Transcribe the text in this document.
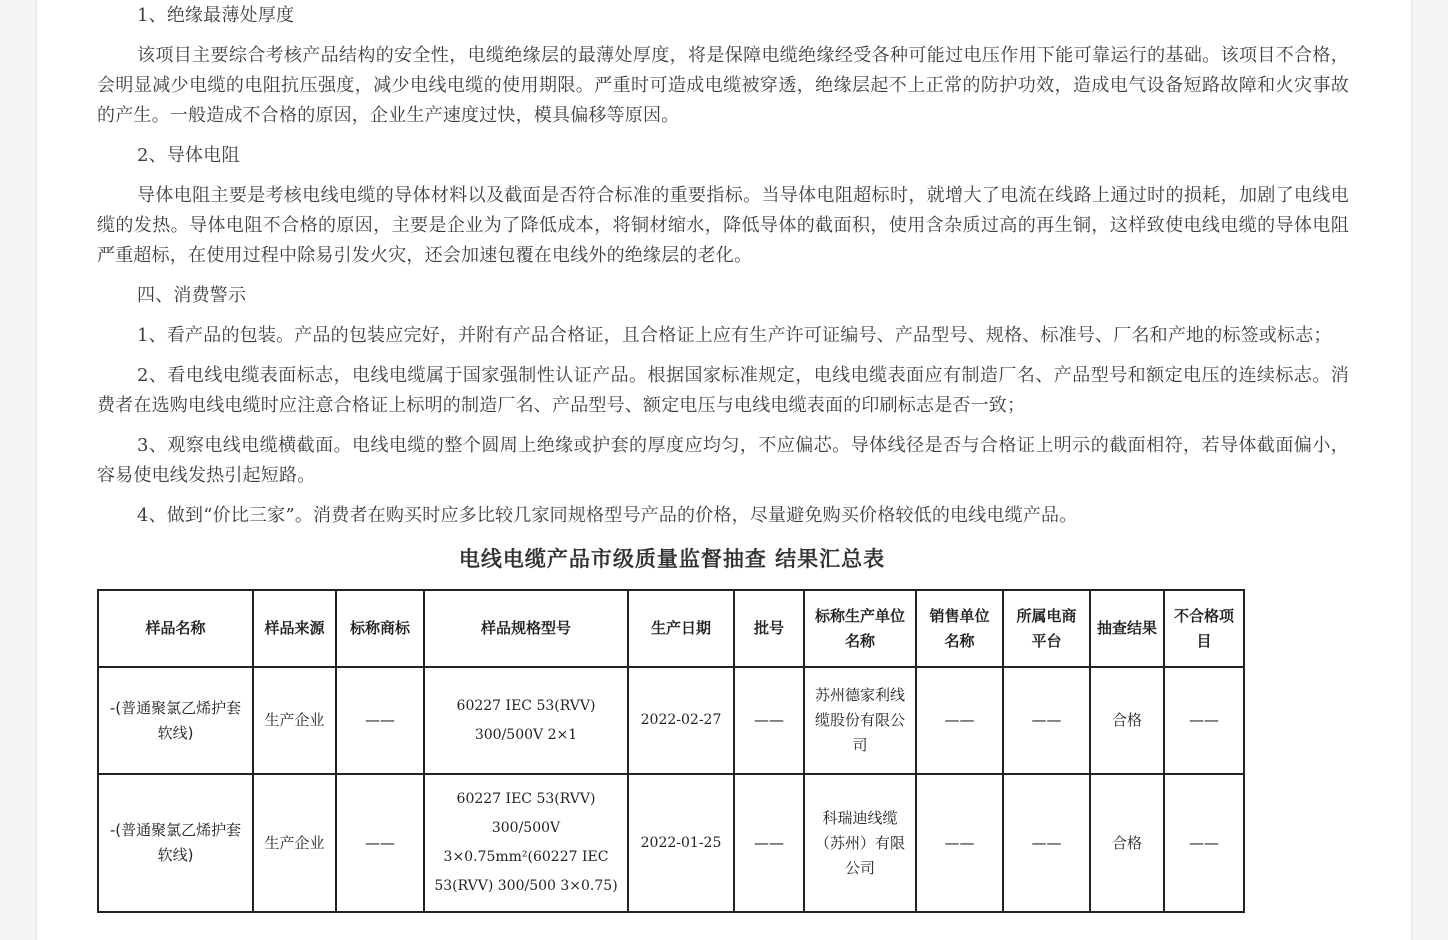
1、绝缘最薄处厚度

该项目主要综合考核产品结构的安全性，电缆绝缘层的最薄处厚度，将是保障电缆绝缘经受各种可能过电压作用下能可靠运行的基础。该项目不合格，会明显减少电缆的电阻抗压强度，减少电线电缆的使用期限。严重时可造成电缆被穿透，绝缘层起不上正常的防护功效，造成电气设备短路故障和火灾事故的产生。一般造成不合格的原因，企业生产速度过快，模具偏移等原因。

2、导体电阻

导体电阻主要是考核电线电缆的导体材料以及截面是否符合标准的重要指标。当导体电阻超标时，就增大了电流在线路上通过时的损耗，加剧了电线电缆的发热。导体电阻不合格的原因，主要是企业为了降低成本，将铜材缩水，降低导体的截面积，使用含杂质过高的再生铜，这样致使电线电缆的导体电阻严重超标，在使用过程中除易引发火灾，还会加速包覆在电线外的绝缘层的老化。

四、消费警示

1、看产品的包装。产品的包装应完好，并附有产品合格证，且合格证上应有生产许可证编号、产品型号、规格、标准号、厂名和产地的标签或标志；

2、看电线电缆表面标志，电线电缆属于国家强制性认证产品。根据国家标准规定，电线电缆表面应有制造厂名、产品型号和额定电压的连续标志。消费者在选购电线电缆时应注意合格证上标明的制造厂名、产品型号、额定电压与电线电缆表面的印刷标志是否一致；

3、观察电线电缆横截面。电线电缆的整个圆周上绝缘或护套的厚度应均匀，不应偏芯。导体线径是否与合格证上明示的截面相符，若导体截面偏小，容易使电线发热引起短路。

4、做到“价比三家”。消费者在购买时应多比较几家同规格型号产品的价格，尽量避免购买价格较低的电线电缆产品。

电线电缆产品市级质量监督抽查 结果汇总表
样品名称	样品来源	标称商标	样品规格型号	生产日期	批号	标称生产单位名称	销售单位名称	所属电商平台	抽查结果	不合格项目
-(普通聚氯乙烯护套软线)	生产企业	——	60227 IEC 53(RVV) 300/500V 2×1	2022-02-27	——	苏州德家利线缆股份有限公司	——	——	合格	——
-(普通聚氯乙烯护套软线)	生产企业	——	60227 IEC 53(RVV) 300/500V 3×0.75mm²(60227 IEC 53(RVV) 300/500 3×0.75)	2022-01-25	——	科瑞迪线缆（苏州）有限公司	——	——	合格	——
